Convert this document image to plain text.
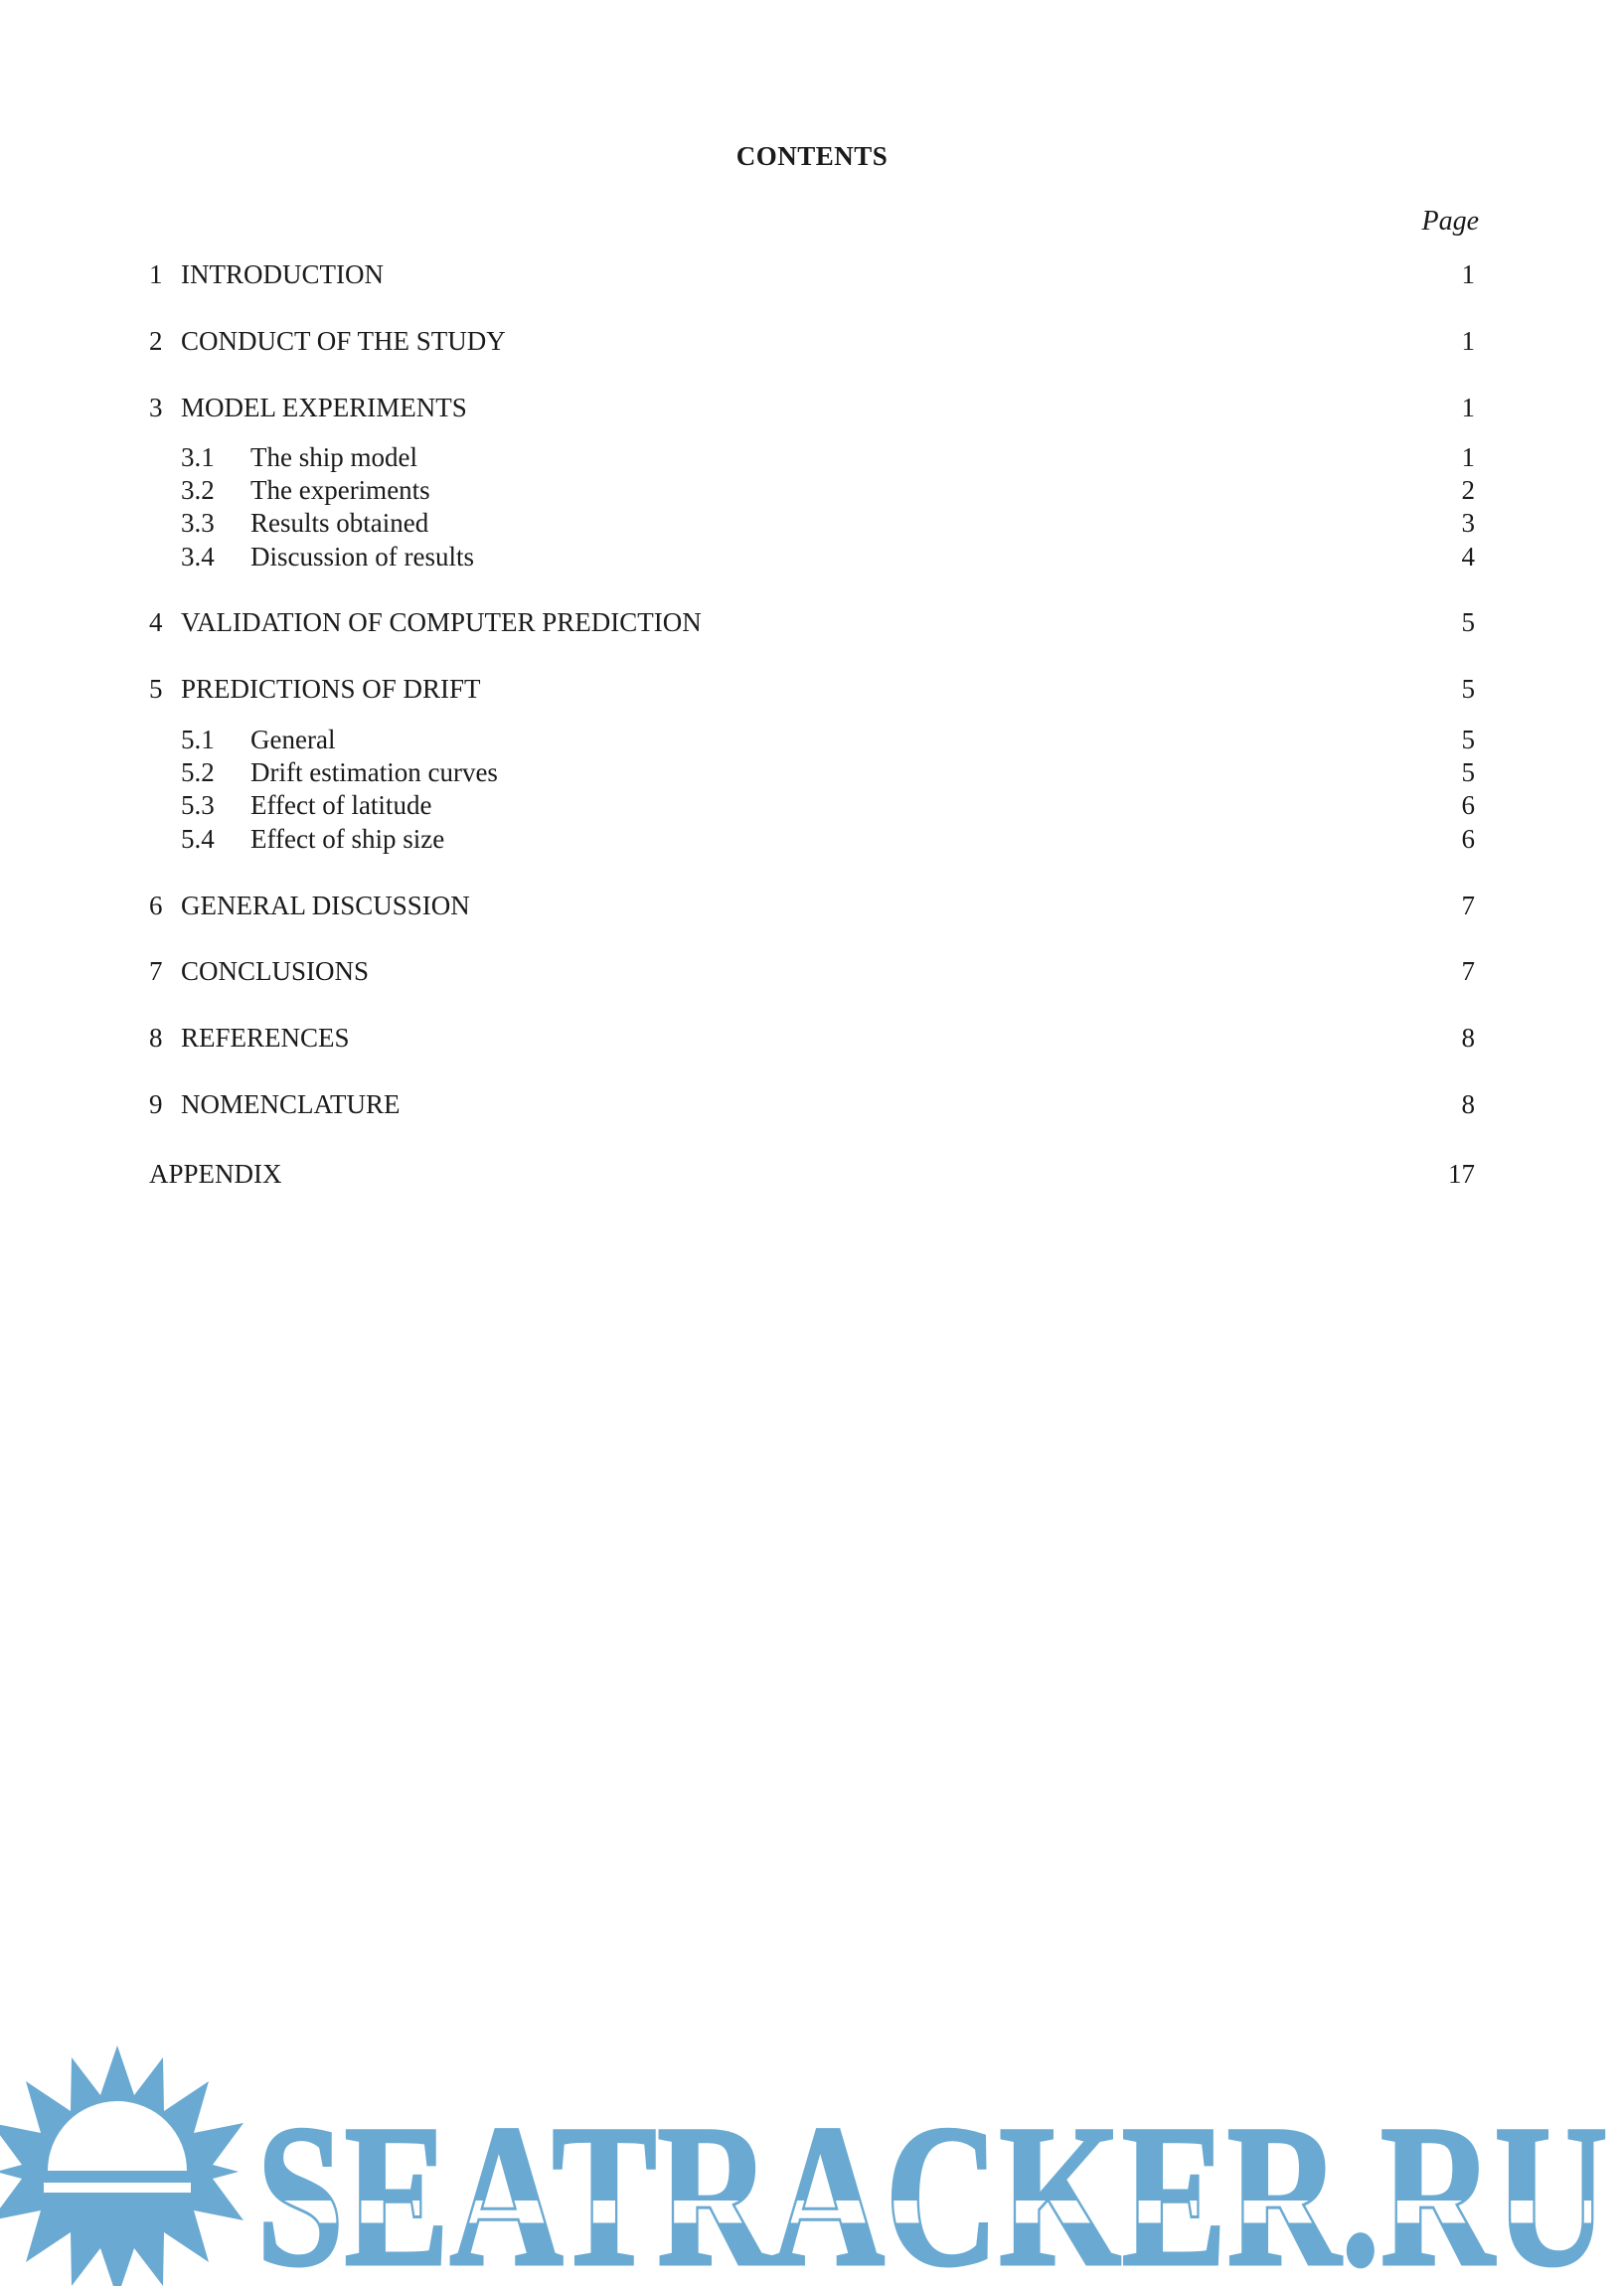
CONTENTS
Page
1 INTRODUCTION	1
2 CONDUCT OF THE STUDY	1
3 MODEL EXPERIMENTS	1
3.1 The ship model	1
3.2 The experiments	2
3.3 Results obtained	3
3.4 Discussion of results	4
4 VALIDATION OF COMPUTER PREDICTION	5
5 PREDICTIONS OF DRIFT	5
5.1 General	5
5.2 Drift estimation curves	5
5.3 Effect of latitude	6
5.4 Effect of ship size	6
6 GENERAL DISCUSSION	7
7 CONCLUSIONS	7
8 REFERENCES	8
9 NOMENCLATURE	8
APPENDIX	17
SEATRACKER.RU
